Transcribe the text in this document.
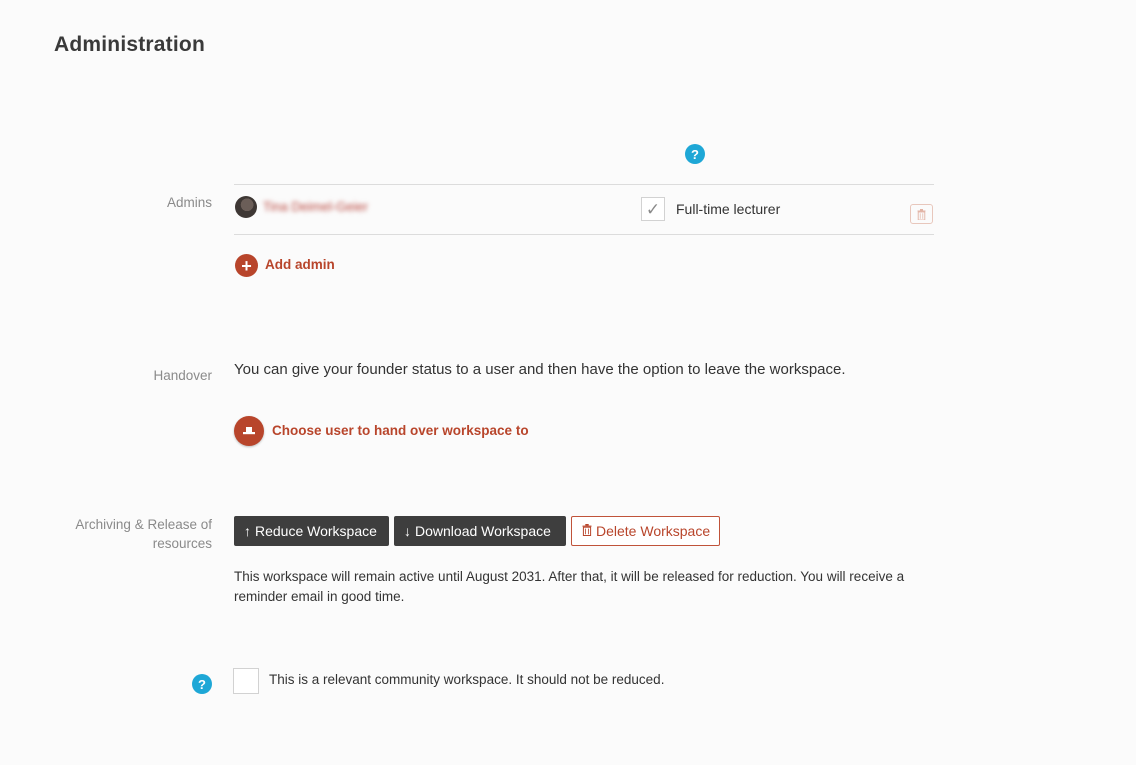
Administration
?
Admins	Tina Deimel-Geier	✓ Full-time lecturer
+ Add admin
Handover You can give your founder status to a user and then have the option to leave the workspace.
Choose user to hand over workspace to
Archiving & Release of
resources
↑ Reduce Workspace ↓ Download Workspace	Delete Workspace
This workspace will remain active until August 2031. After that, it will be released for reduction. You will receive a reminder email in good time.
?	This is a relevant community workspace. It should not be reduced.
